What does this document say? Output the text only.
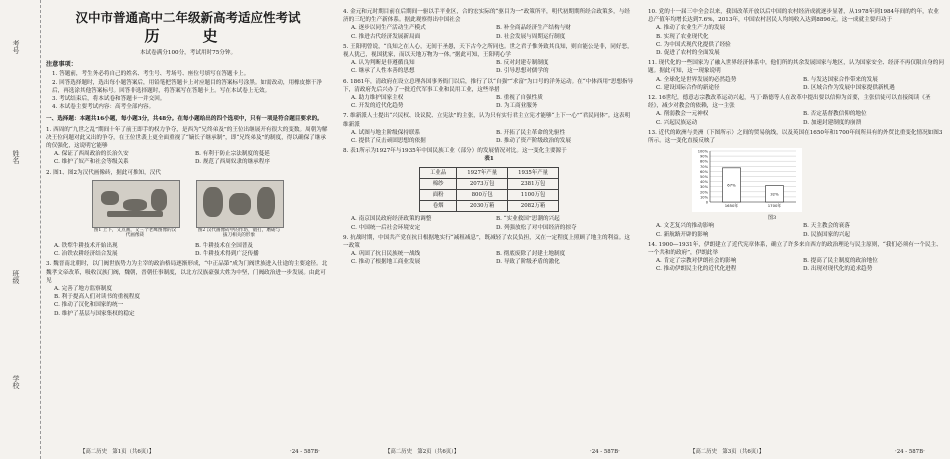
考号
姓名
班级
学校
汉中市普通高中二年级新高考适应性考试
历　史
本试卷满分100分，考试用时75分钟。
注意事项：

1. 答题前，考生务必将自己的姓名、考生号、考场号、座位号填写在答题卡上。

2. 回答选择题时，选出每小题答案后，用铅笔把答题卡上对应题目的答案标号涂黑。如需改动，用橡皮擦干净后，再选涂其他答案标号。回答非选择题时，将答案写在答题卡上。写在本试卷上无效。

3. 考试结束后，将本试卷和答题卡一并交回。

4. 本试卷主要考试内容：高考全部内容。

一、选择题：本题共16小题，每小题3分，共48分。在每小题给出的四个选项中，只有一项是符合题目要求的。
1. 西周的“九世之乱”期间十年了前王即手的权力争夺，是西为“兄终弟及”的王位出继展开有很大的变数。周朝为解决王位问题对此又出的争夺，在王位世袭上更全面重视了“嫡长子继承制”，即“兄终弟及”的制度，得以确保了继承的仅强化，这说明它能够
A. 保证了西周政治的长治久安	B. 有利于防止宗法制度的蔓延
C. 维护了奴产和社会等级关系	D. 规范了西周奴隶的继承程序
2. 图1、图2为汉代画像砖，据此可推知，汉代
图1 上下，又点画，又三个老鹰图像的汉代画像砖
图2 汉代画像砖中的作坊，锻打，磨砺与拔刀相关的形象
A. 铁犁牛耕技术开始出现	B. 牛耕技术在全国普及
C. 冶铁农耕经济结合发展	D. 牛耕技术得到广泛传播
3. 魏晋南北朝时，以门阀世族势力为主宰的政治格局逐渐形成，“中正品第”成为门阀世族进入仕途的主要途径。北魏孝文帝改革，吸收汉族门阀，魏朝，晋朝任事制度，以北方汉族豪强大姓为中坚，门阀政治进一步发展。由此可见
A. 完善了地方监察制度
B. 利于提高人们对读书的重视程度
C. 推动了汉化和国家的统一
D. 维护了基层与国家集权的稳定
【高二历史　第1页（共6页）】	·24 - 587B·
4. 金元和元时期目前在后期间一驱以手平业区，合的宏实际的“驱目为一”政策所平，明代初期期所经合政策多，与经济的三纪的生产新体系。据此观察得出中国社会
A. 逐步以同生产活动生产模式	B. 补全商品经济生产结构与财
C. 推进古代经济发展新局面	D. 社会发展与周期运行制度
5. 王阳明曾说，“良知之在人心，无间于圣愚，天下古今之所同也。世之君子惟务致其良知，则自能公是非，同好恶，视人犹己，视国犹家，而以天地万物为一体。”据此可知，王阳明心学
A. 认为判断是非遵循良知	B. 反对封建专制制度
C. 继承了人性本善的思想	D. 引导思想对儒学的
6. 1861年，清政府在设立总理各国事务衙门以后，推行了以“自强”“求富”为口号的洋务运动。在“中体西用”思想指导下，清政府先后兴办了一批近代军事工业和民用工业，这些举措
A. 助力维护国家主权	B. 重视了自强性质
C. 开发的近代化趋势	D. 为工商业服务
7. 维新派人士提出“兴民权、设议院、立宪法”的主张，认为只有实行君主立宪才能够“上下一心”“君民同体”。这表明维新派
A. 试图与地主阶级保持联系	B. 开拓了民主革命的先驱性
C. 提供了反击顽固思想的依据	D. 推动了资产阶级政治的发展
8. 表1所示为1927年与1935年中国民族工业（部分）的发展情况对比。这一变化主要源于
表1
工业品	1927年产量	1935年产量
棉纱	2073万包	2381万包
面粉	800万包	1100万包
卷烟	2030万箱	2082万箱
A. 南京国民政府经济政策的调整	B. “实业救国”思潮的兴起
C. 中国统一后社会环境安定	D. 列强放松了对中国经济的掠夺
9. 抗战时期，中国共产党在抗日根据地实行“减租减息”，既减轻了农民负担，又在一定程度上照顾了地主的利益。这一政策
A. 巩固了抗日民族统一战线	B. 彻底废除了封建土地制度
C. 推动了根据地工商业发展	D. 导致了阶级矛盾的激化
【高二历史　第2页（共6页）】	·24 - 587B·
10. 党的十一届三中全会以来，我国改革开放以后中国的农村经济成就逐步显著，从1978年到1984年间的约年，农业总产值年均增长达到7.6%，2013年，中国农村居民人均纯收入达到8896元。这一成就主要归功于
A. 推动了农业生产力的发展
B. 实现了农业现代化
C. 为中国式现代化提供了经验
D. 促进了农村的全面发展
11. 现代化的一些国家为了融入世界经济体系中，他们所的其余发展国家与地区，认为国家安全、经济不再仅限自身的问题。据此可知，这一现象说明
A. 全球化是世界发展的必然趋势	B. 与发达国家合作带来的发展
C. 建设国际合作的新途径	D. 区域合作为发展中国家提供新机遇
12. 16世纪，德意志宗教改革运动兴起，马丁·路德等人在改革中提出要以信仰为首要，主张信徒可以直接阅读《圣经》，减少对教会的依赖，这一主张
A. 削弱教会一元神权	B. 否定基督教信仰的地位
C. 兴起民族运动	D. 加速封建制度的崩溃
13. 近代的欧洲与美洲（下图所示）之间的贸易航线，以及英国在1650年和1700年间所具有的外贸比重变化情况如图3所示。这一变化直接反映了
100%
90%
80%
70%
60%
50%
40%
30%
20%
10%
0
67%
1650年
32%
1700年
图3
A. 文艺复兴的推动影响	B. 天主教会的衰落
C. 新航路开辟的影响	D. 民族国家的兴起
14. 1900—1931年，伊朗建立了近代宪章体系，确立了许多来自西方的政治理论与民主原则，“我们必须有一个民主、一个共和的政府”，伊朗此举
A. 肯定了宗教对伊朗社会的影响	B. 提高了民主制度的政治地位
C. 推动伊朗民主化的近代化进程	D. 出现对现代化的追求趋势
【高二历史　第3页（共6页）】	·24 - 587B·
